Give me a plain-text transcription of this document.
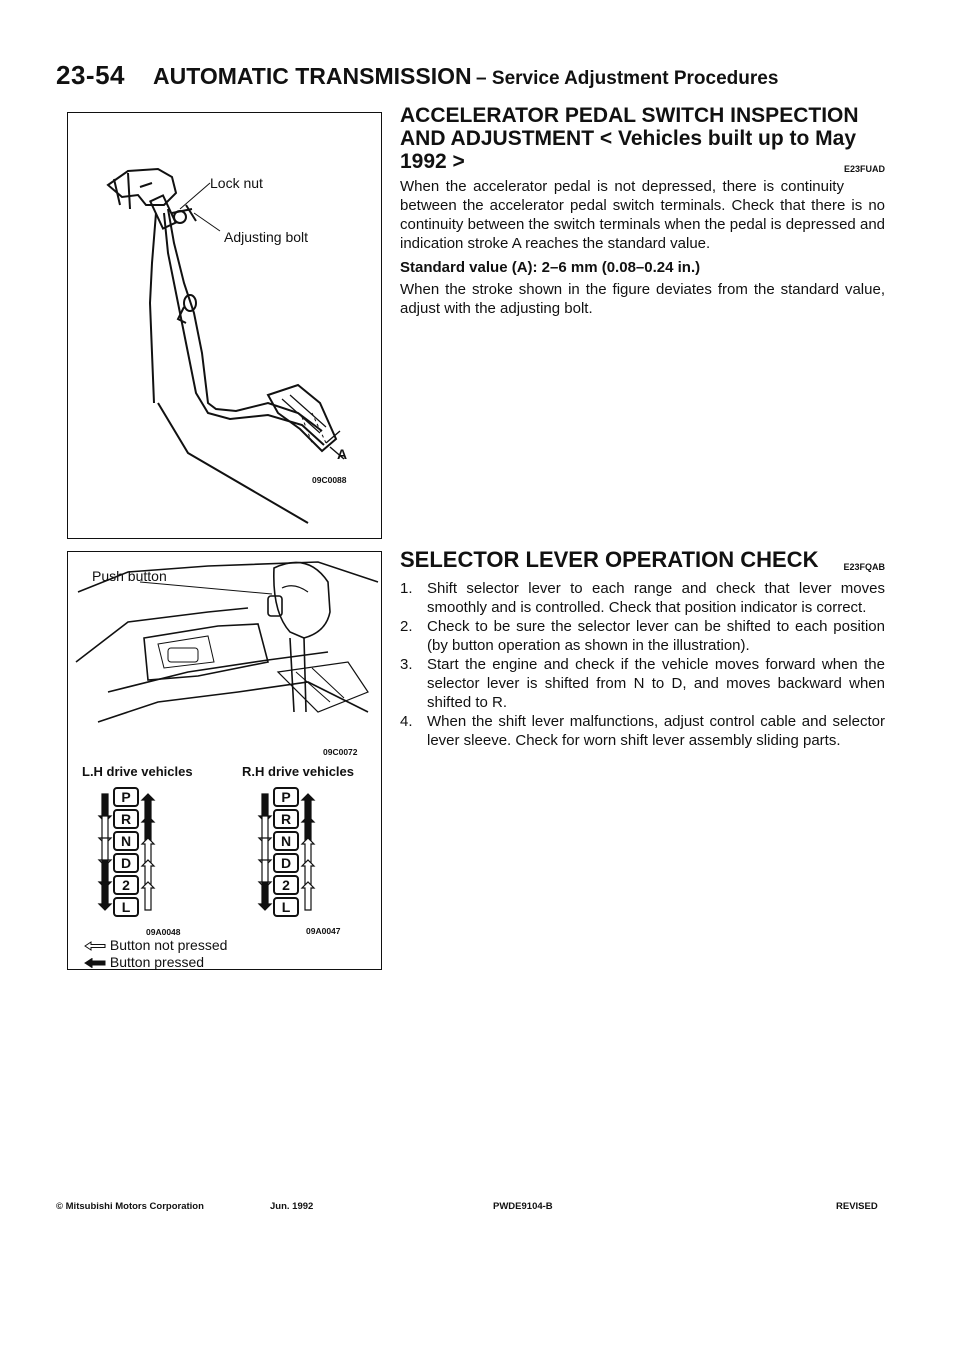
23-54 AUTOMATIC TRANSMISSION – Service Adjustment Procedures
Lock nut
Adjusting bolt
A
09C0088
Push button
09C0072
L.H drive vehicles	R.H drive vehicles
P
R
N
D
2
L
P
R
N
D
2
L
09A0048	09A0047
Button not pressed
Button pressed
ACCELERATOR PEDAL SWITCH INSPECTION AND ADJUSTMENT < Vehicles built up to May 1992 >	E23FUAD

When the accelerator pedal is not depressed, there is continuity between the accelerator pedal switch terminals. Check that there is no continuity between the switch terminals when the pedal is depressed and indication stroke A reaches the standard value.

Standard value (A): 2–6 mm (0.08–0.24 in.)

When the stroke shown in the figure deviates from the standard value, adjust with the adjusting bolt.

SELECTOR LEVER OPERATION CHECK	E23FQAB
1. Shift selector lever to each range and check that lever moves smoothly and is controlled. Check that position indicator is correct.
2. Check to be sure the selector lever can be shifted to each position (by button operation as shown in the illustration).
3. Start the engine and check if the vehicle moves forward when the selector lever is shifted from N to D, and moves backward when shifted to R.
4. When the shift lever malfunctions, adjust control cable and selector lever sleeve. Check for worn shift lever assembly sliding parts.
© Mitsubishi Motors Corporation	Jun. 1992	PWDE9104-B	REVISED
